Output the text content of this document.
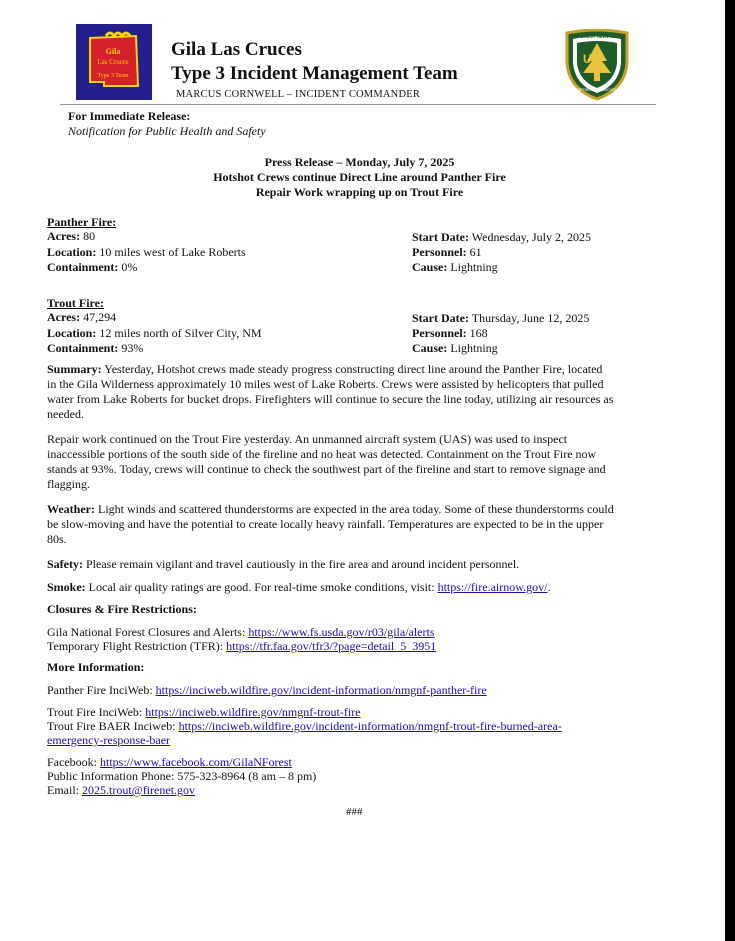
Gila
Las Cruces
Type 3 Team
Gila Las Cruces
Type 3 Incident Management Team
MARCUS CORNWELL – INCIDENT COMMANDER
US
FOREST SERVICE
DEPARTMENT OF AGRICULTURE
For Immediate Release:
Notification for Public Health and Safety
Press Release – Monday, July 7, 2025
Hotshot Crews continue Direct Line around Panther Fire
Repair Work wrapping up on Trout Fire
Panther Fire:
Acres: 80
Location: 10 miles west of Lake Roberts
Containment: 0%
Start Date: Wednesday, July 2, 2025
Personnel: 61
Cause: Lightning
Trout Fire:
Acres: 47,294
Location: 12 miles north of Silver City, NM
Containment: 93%
Start Date: Thursday, June 12, 2025
Personnel: 168
Cause: Lightning
Summary: Yesterday, Hotshot crews made steady progress constructing direct line around the Panther Fire, located
in the Gila Wilderness approximately 10 miles west of Lake Roberts. Crews were assisted by helicopters that pulled
water from Lake Roberts for bucket drops. Firefighters will continue to secure the line today, utilizing air resources as
needed.
Repair work continued on the Trout Fire yesterday. An unmanned aircraft system (UAS) was used to inspect
inaccessible portions of the south side of the fireline and no heat was detected. Containment on the Trout Fire now
stands at 93%. Today, crews will continue to check the southwest part of the fireline and start to remove signage and
flagging.
Weather: Light winds and scattered thunderstorms are expected in the area today. Some of these thunderstorms could
be slow-moving and have the potential to create locally heavy rainfall. Temperatures are expected to be in the upper
80s.
Safety: Please remain vigilant and travel cautiously in the fire area and around incident personnel.
Smoke: Local air quality ratings are good. For real-time smoke conditions, visit: https://fire.airnow.gov/.
Closures & Fire Restrictions:
Gila National Forest Closures and Alerts: https://www.fs.usda.gov/r03/gila/alerts
Temporary Flight Restriction (TFR): https://tfr.faa.gov/tfr3/?page=detail_5_3951
More Information:
Panther Fire InciWeb: https://inciweb.wildfire.gov/incident-information/nmgnf-panther-fire
Trout Fire InciWeb: https://inciweb.wildfire.gov/nmgnf-trout-fire
Trout Fire BAER Inciweb: https://inciweb.wildfire.gov/incident-information/nmgnf-trout-fire-burned-area-
emergency-response-baer
Facebook: https://www.facebook.com/GilaNForest
Public Information Phone: 575-323-8964 (8 am – 8 pm)
Email: 2025.trout@firenet.gov
###
